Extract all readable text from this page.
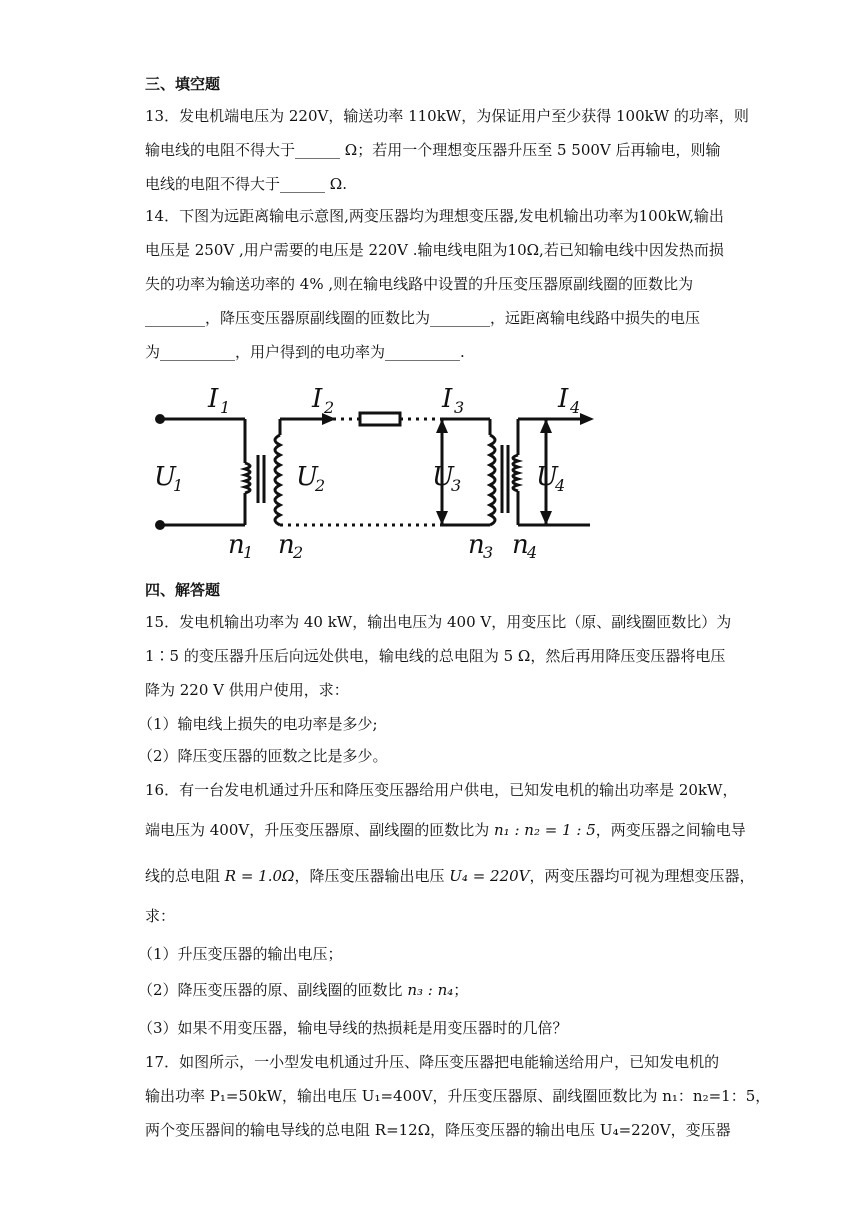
三、填空题
13．发电机端电压为 220V，输送功率 110kW，为保证用户至少获得 100kW 的功率，则
输电线的电阻不得大于______ Ω；若用一个理想变压器升压至 5 500V 后再输电，则输
电线的电阻不得大于______ Ω.
14．下图为远距离输电示意图,两变压器均为理想变压器,发电机输出功率为100kW,输出
电压是 250V ,用户需要的电压是 220V .输电线电阻为10Ω,若已知输电线中因发热而损
失的功率为输送功率的 4% ,则在输电线路中设置的升压变压器原副线圈的匝数比为
________，降压变压器原副线圈的匝数比为________，远距离输电线路中损失的电压
为__________，用户得到的电功率为__________.
I 1	I 2	I 3	I 4
U
1	U
2	U
3	U
4
n
1 n
2	n
3 n
4
四、解答题
15．发电机输出功率为 40 kW，输出电压为 400 V，用变压比（原、副线圈匝数比）为
1∶5 的变压器升压后向远处供电，输电线的总电阻为 5 Ω，然后再用降压变压器将电压
降为 220 V 供用户使用，求：
（1）输电线上损失的电功率是多少;
（2）降压变压器的匝数之比是多少。
16．有一台发电机通过升压和降压变压器给用户供电，已知发电机的输出功率是 20kW，
端电压为 400V，升压变压器原、副线圈的匝数比为 n₁ : n₂ = 1 : 5，两变压器之间输电导
线的总电阻 R = 1.0Ω，降压变压器输出电压 U₄ = 220V，两变压器均可视为理想变压器，
求：
（1）升压变压器的输出电压；
（2）降压变压器的原、副线圈的匝数比 n₃ : n₄；
（3）如果不用变压器，输电导线的热损耗是用变压器时的几倍？
17．如图所示，一小型发电机通过升压、降压变压器把电能输送给用户，已知发电机的
输出功率 P₁=50kW，输出电压 U₁=400V，升压变压器原、副线圈匝数比为 n₁：n₂=1：5，
两个变压器间的输电导线的总电阻 R=12Ω，降压变压器的输出电压 U₄=220V，变压器
